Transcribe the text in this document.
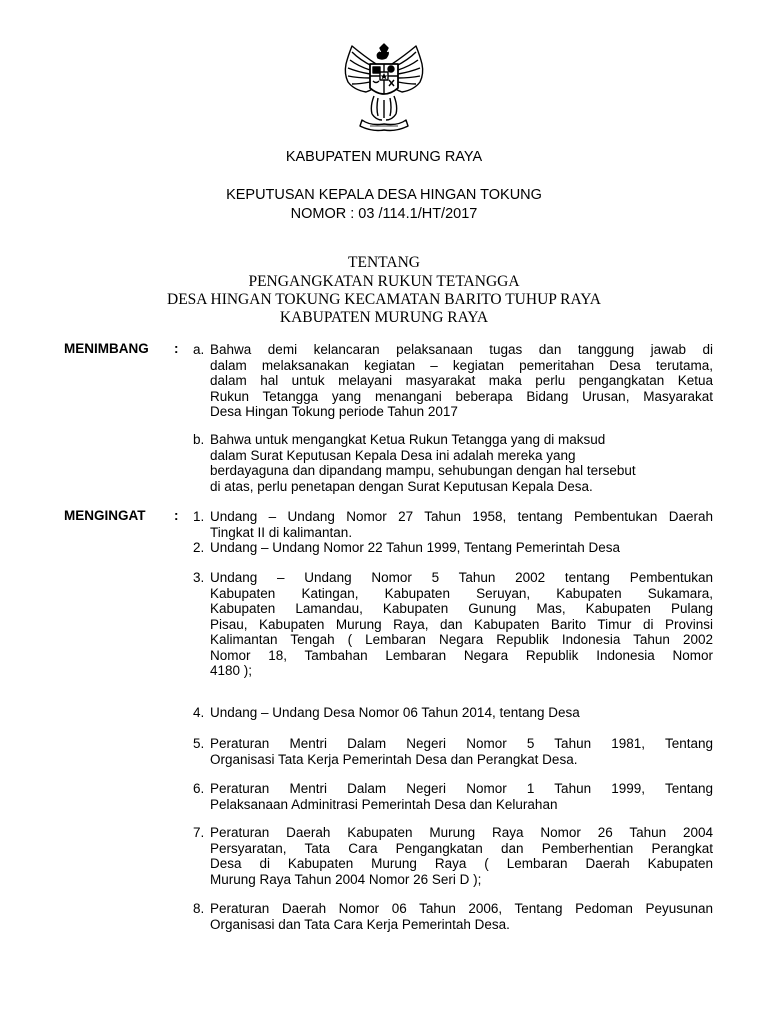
KABUPATEN MURUNG RAYA
KEPUTUSAN KEPALA DESA HINGAN TOKUNG
NOMOR : 03 /114.1/HT/2017
TENTANG
PENGANGKATAN RUKUN TETANGGA
DESA HINGAN TOKUNG KECAMATAN BARITO TUHUP RAYA
KABUPATEN MURUNG RAYA
MENIMBANG : a. Bahwa demi kelancaran pelaksanaan tugas dan tanggung jawab di
dalam melaksanakan kegiatan – kegiatan pemeritahan Desa terutama,
dalam hal untuk melayani masyarakat maka perlu pengangkatan Ketua
Rukun Tetangga yang menangani beberapa Bidang Urusan, Masyarakat
Desa Hingan Tokung periode Tahun 2017
b. Bahwa untuk mengangkat Ketua Rukun Tetangga yang di maksud
dalam Surat Keputusan Kepala Desa ini adalah mereka yang
berdayaguna dan dipandang mampu, sehubungan dengan hal tersebut
di atas, perlu penetapan dengan Surat Keputusan Kepala Desa.
MENGINGAT : 1. Undang – Undang Nomor 27 Tahun 1958, tentang Pembentukan Daerah
Tingkat II di kalimantan.
2. Undang – Undang Nomor 22 Tahun 1999, Tentang Pemerintah Desa
3. Undang – Undang Nomor 5 Tahun 2002 tentang Pembentukan
Kabupaten Katingan, Kabupaten Seruyan, Kabupaten Sukamara,
Kabupaten Lamandau, Kabupaten Gunung Mas, Kabupaten Pulang
Pisau, Kabupaten Murung Raya, dan Kabupaten Barito Timur di Provinsi
Kalimantan Tengah ( Lembaran Negara Republik Indonesia Tahun 2002
Nomor 18, Tambahan Lembaran Negara Republik Indonesia Nomor
4180 );
4. Undang – Undang Desa Nomor 06 Tahun 2014, tentang Desa
5. Peraturan Mentri Dalam Negeri Nomor 5 Tahun 1981, Tentang
Organisasi Tata Kerja Pemerintah Desa dan Perangkat Desa.
6. Peraturan Mentri Dalam Negeri Nomor 1 Tahun 1999, Tentang
Pelaksanaan Adminitrasi Pemerintah Desa dan Kelurahan
7. Peraturan Daerah Kabupaten Murung Raya Nomor 26 Tahun 2004
Persyaratan, Tata Cara Pengangkatan dan Pemberhentian Perangkat
Desa di Kabupaten Murung Raya ( Lembaran Daerah Kabupaten
Murung Raya Tahun 2004 Nomor 26 Seri D );
8. Peraturan Daerah Nomor 06 Tahun 2006, Tentang Pedoman Peyusunan
Organisasi dan Tata Cara Kerja Pemerintah Desa.
